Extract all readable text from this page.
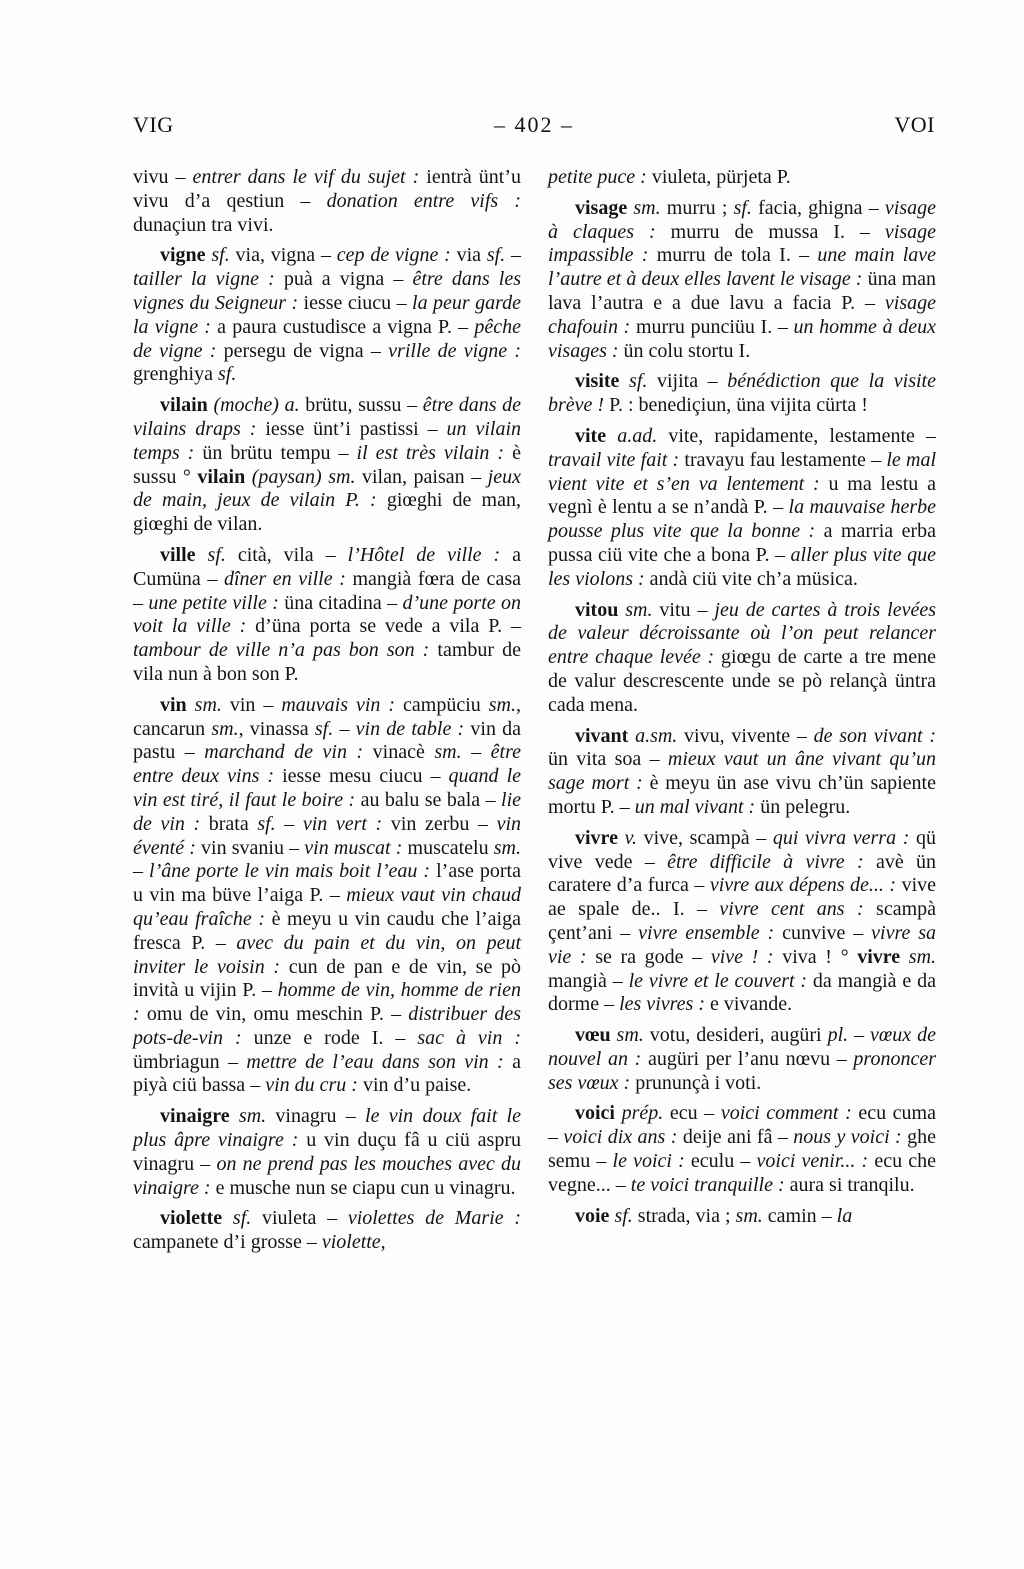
VIG	– 402 –	VOI

vivu – entrer dans le vif du sujet : ientrà ünt’u vivu d’a qestiun – donation entre vifs : dunaçiun tra vivi.

vigne sf. via, vigna – cep de vigne : via sf. – tailler la vigne : puà a vigna – être dans les vignes du Seigneur : iesse ciucu – la peur garde la vigne : a paura custudisce a vigna P. – pêche de vigne : persegu de vigna – vrille de vigne : grenghiya sf.

vilain (moche) a. brütu, sussu – être dans de vilains draps : iesse ünt’i pastissi – un vilain temps : ün brütu tempu – il est très vilain : è sussu ° vilain (paysan) sm. vilan, paisan – jeux de main, jeux de vilain P. : giœghi de man, giœghi de vilan.

ville sf. cità, vila – l’Hôtel de ville : a Cumüna – dîner en ville : mangià fœra de casa – une petite ville : üna citadina – d’une porte on voit la ville : d’üna porta se vede a vila P. – tambour de ville n’a pas bon son : tambur de vila nun à bon son P.

vin sm. vin – mauvais vin : campüciu sm., cancarun sm., vinassa sf. – vin de table : vin da pastu – marchand de vin : vinacè sm. – être entre deux vins : iesse mesu ciucu – quand le vin est tiré, il faut le boire : au balu se bala – lie de vin : brata sf. – vin vert : vin zerbu – vin éventé : vin svaniu – vin muscat : muscatelu sm. – l’âne porte le vin mais boit l’eau : l’ase porta u vin ma büve l’aiga P. – mieux vaut vin chaud qu’eau fraîche : è meyu u vin caudu che l’aiga fresca P. – avec du pain et du vin, on peut inviter le voisin : cun de pan e de vin, se pò invità u vijin P. – homme de vin, homme de rien : omu de vin, omu meschin P. – distribuer des pots-de-vin : unze e rode I. – sac à vin : ümbriagun – mettre de l’eau dans son vin : a piyà ciü bassa – vin du cru : vin d’u paise.

vinaigre sm. vinagru – le vin doux fait le plus âpre vinaigre : u vin duçu fâ u ciü aspru vinagru – on ne prend pas les mouches avec du vinaigre : e musche nun se ciapu cun u vinagru.

violette sf. viuleta – violettes de Marie : campanete d’i grosse – violette,

petite puce : viuleta, pürjeta P.

visage sm. murru ; sf. facia, ghigna – visage à claques : murru de mussa I. – visage impassible : murru de tola I. – une main lave l’autre et à deux elles lavent le visage : üna man lava l’autra e a due lavu a facia P. – visage chafouin : murru punciüu I. – un homme à deux visages : ün colu stortu I.

visite sf. vijita – bénédiction que la visite brève ! P. : benediçiun, üna vijita cürta !

vite a.ad. vite, rapidamente, lestamente – travail vite fait : travayu fau lestamente – le mal vient vite et s’en va lentement : u ma lestu a vegnì è lentu a se n’andà P. – la mauvaise herbe pousse plus vite que la bonne : a marria erba pussa ciü vite che a bona P. – aller plus vite que les violons : andà ciü vite ch’a müsica.

vitou sm. vitu – jeu de cartes à trois levées de valeur décroissante où l’on peut relancer entre chaque levée : giœgu de carte a tre mene de valur descrescente unde se pò relançà üntra cada mena.

vivant a.sm. vivu, vivente – de son vivant : ün vita soa – mieux vaut un âne vivant qu’un sage mort : è meyu ün ase vivu ch’ün sapiente mortu P. – un mal vivant : ün pelegru.

vivre v. vive, scampà – qui vivra verra : qü vive vede – être difficile à vivre : avè ün caratere d’a furca – vivre aux dépens de... : vive ae spale de.. I. – vivre cent ans : scampà çent’ani – vivre ensemble : cunvive – vivre sa vie : se ra gode – vive ! : viva ! ° vivre sm. mangià – le vivre et le couvert : da mangià e da dorme – les vivres : e vivande.

vœu sm. votu, desideri, augüri pl. – vœux de nouvel an : augüri per l’anu nœvu – prononcer ses vœux : prununçà i voti.

voici prép. ecu – voici comment : ecu cuma – voici dix ans : deije ani fâ – nous y voici : ghe semu – le voici : eculu – voici venir... : ecu che vegne... – te voici tranquille : aura si tranqilu.

voie sf. strada, via ; sm. camin – la
